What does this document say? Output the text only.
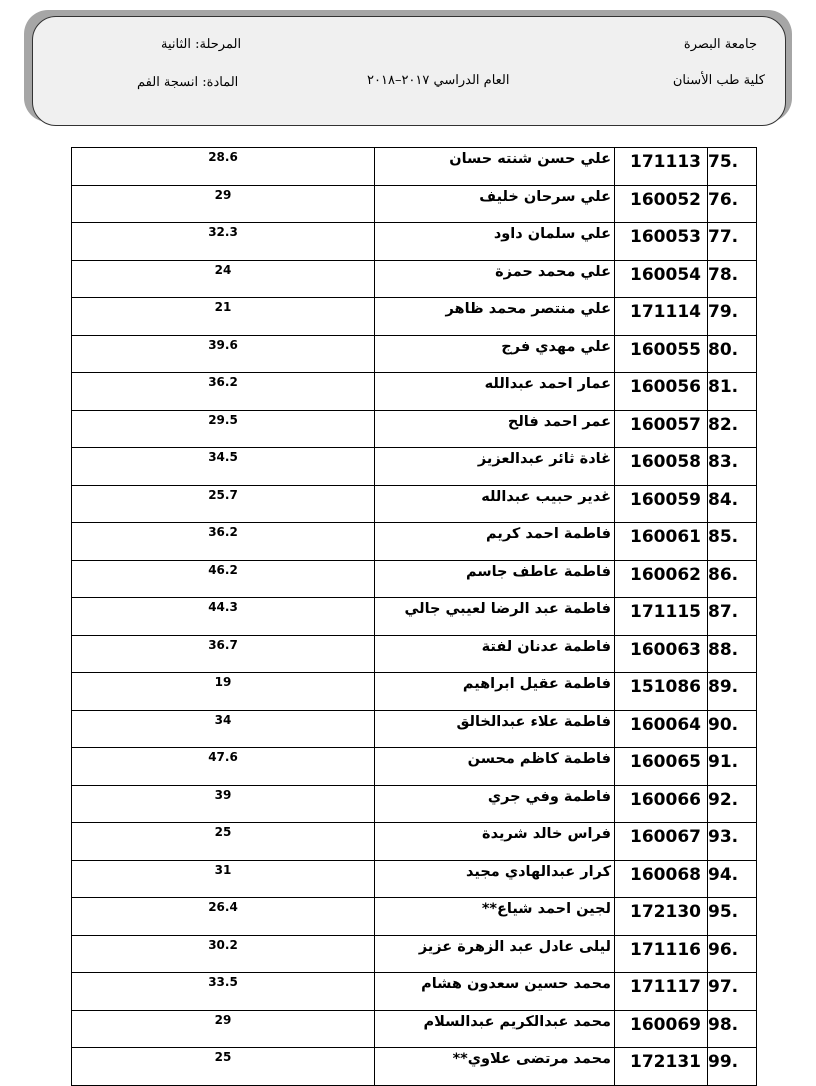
جامعة البصرة
كلية طب الأسنان
المرحلة: الثانية
المادة: انسجة الفم	العام الدراسي ٢٠١٧–٢٠١٨
28.6	علي حسن شنته حسان	171113	.75
29	علي سرحان خليف	160052	.76
32.3	علي سلمان داود	160053	.77
24	علي محمد حمزة	160054	.78
21	علي منتصر محمد ظاهر	171114	.79
39.6	علي مهدي فرج	160055	.80
36.2	عمار احمد عبدالله	160056	.81
29.5	عمر احمد فالح	160057	.82
34.5	غادة ثائر عبدالعزيز	160058	.83
25.7	غدير حبيب عبدالله	160059	.84
36.2	فاطمة احمد كريم	160061	.85
46.2	فاطمة عاطف جاسم	160062	.86
44.3	فاطمة عبد الرضا لعيبي جالي	171115	.87
36.7	فاطمة عدنان لفتة	160063	.88
19	فاطمة عقيل ابراهيم	151086	.89
34	فاطمة علاء عبدالخالق	160064	.90
47.6	فاطمة كاظم محسن	160065	.91
39	فاطمة وفي جري	160066	.92
25	فراس خالد شريدة	160067	.93
31	كرار عبدالهادي مجيد	160068	.94
26.4	لجين احمد شياع**	172130	.95
30.2	ليلى عادل عبد الزهرة عزيز	171116	.96
33.5	محمد حسين سعدون هشام	171117	.97
29	محمد عبدالكريم عبدالسلام	160069	.98
25	محمد مرتضى علاوي**	172131	.99
